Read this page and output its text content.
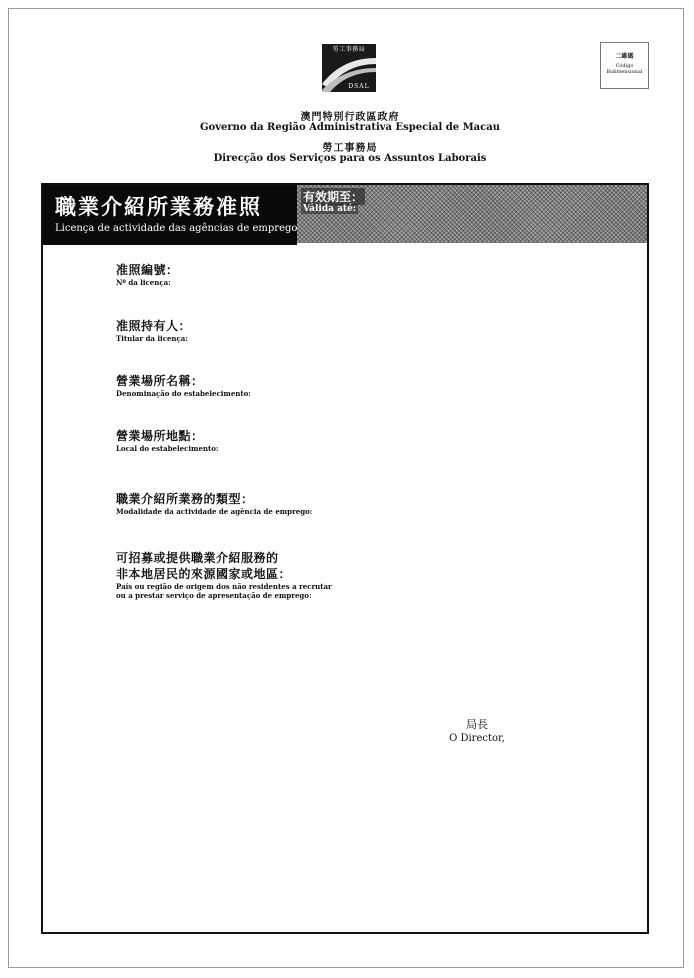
勞工事務局
DSAL
二維碼
Código Bidimensional
澳門特別行政區政府
Governo da Região Administrativa Especial de Macau
勞工事務局
Direcção dos Serviços para os Assuntos Laborais
職業介紹所業務准照
Licença de actividade das agências de emprego
有效期至：
Válida até:
准照編號：
Nº da licença:
准照持有人：
Titular da licença:
營業場所名稱：
Denominação do estabelecimento:
營業場所地點：
Local do estabelecimento:
職業介紹所業務的類型：
Modalidade da actividade de agência de emprego:
可招募或提供職業介紹服務的
非本地居民的來源國家或地區：
País ou região de origem dos não residentes a recrutar
ou a prestar serviço de apresentação de emprego:
局長
O Director,
